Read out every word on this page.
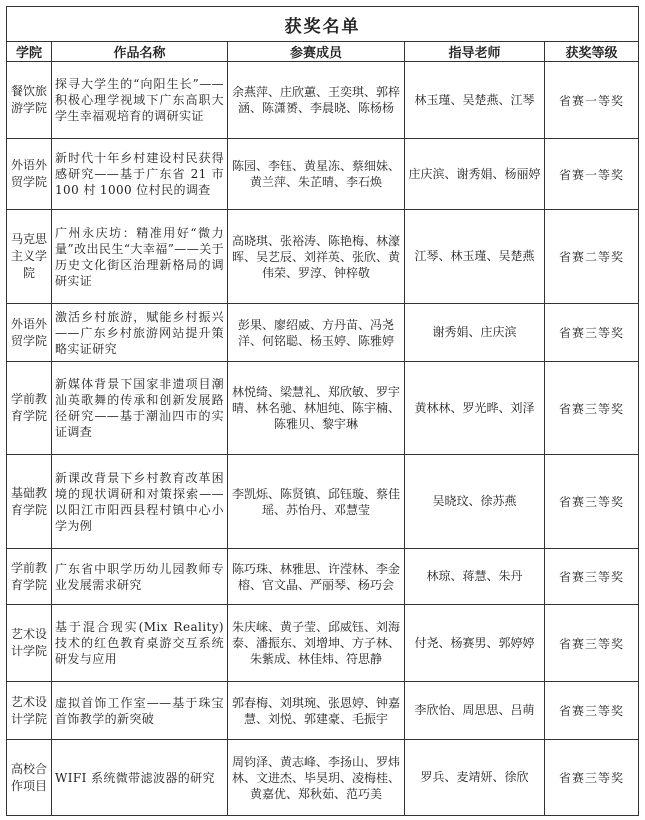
获奖名单				
学院	作品名称	参赛成员	指导老师	获奖等级
餐饮旅游学院	探寻大学生的“向阳生长”——积极心理学视域下广东高职大学生幸福观培育的调研实证	余燕萍、庄欣蕙、王奕琪、郭梓涵、陈潇赟、李晨晓、陈杨杨	林玉瑾、吴楚燕、江琴	省赛一等奖
外语外贸学院	新时代十年乡村建设村民获得感研究——基于广东省 21 市 100 村 1000 位村民的调查	陈园、李钰、黄星冻、蔡细妹、黄兰萍、朱芷晴、李石焕	庄庆滨、谢秀娟、杨丽婷	省赛一等奖
马克思主义学院	广州永庆坊：精准用好“微力量”改出民生“大幸福”——关于历史文化街区治理新格局的调研实证	高晓琪、张裕涛、陈艳梅、林濠晖、吴艺辰、刘祥英、张欣、黄伟荣、罗淳、钟梓敬	江琴、林玉瑾、吴楚燕	省赛二等奖
外语外贸学院	激活乡村旅游，赋能乡村振兴——广东乡村旅游网站提升策略实证研究	彭果、廖绍威、方丹苗、冯尧洋、何铭聪、杨玉婷、陈雅婷	谢秀娟、庄庆滨	省赛三等奖
学前教育学院	新媒体背景下国家非遗项目潮汕英歌舞的传承和创新发展路径研究——基于潮汕四市的实证调查	林悦绮、梁慧礼、郑欣敏、罗宇晴、林名驰、林旭纯、陈宇楠、陈雅贝、黎宇琳	黄林林、罗光晔、刘泽	省赛三等奖
基础教育学院	新课改背景下乡村教育改革困境的现状调研和对策探索——以阳江市阳西县程村镇中心小学为例	李凯烁、陈贤镇、邱钰璇、蔡佳瑶、苏怡丹、邓慧莹	吴晓玟、徐苏燕	省赛三等奖
学前教育学院	广东省中职学历幼儿园教师专业发展需求研究	陈巧珠、林雅思、许滢林、李金榕、官文晶、严丽琴、杨巧会	林琼、蒋慧、朱丹	省赛三等奖
艺术设计学院	基于混合现实(Mix Reality)技术的红色教育桌游交互系统研发与应用	朱庆崃、黄子莹、邱威钰、刘海泰、潘振东、刘增坤、方子林、朱紫成、林佳炜、符思静	付尧、杨赛男、郭婷婷	省赛三等奖
艺术设计学院	虚拟首饰工作室——基于珠宝首饰教学的新突破	郭春梅、刘琪琬、张恩婷、钟嘉慧、刘悦、郭建豪、毛振宇	李欣怡、周思思、吕萌	省赛三等奖
高校合作项目	WIFI 系统微带滤波器的研究	周钧泽、黄志峰、李扬山、罗炜林、文进杰、毕昊玥、凌梅桂、黄嘉优、郑秋茹、范巧美	罗兵、麦靖妍、徐欣	省赛三等奖
